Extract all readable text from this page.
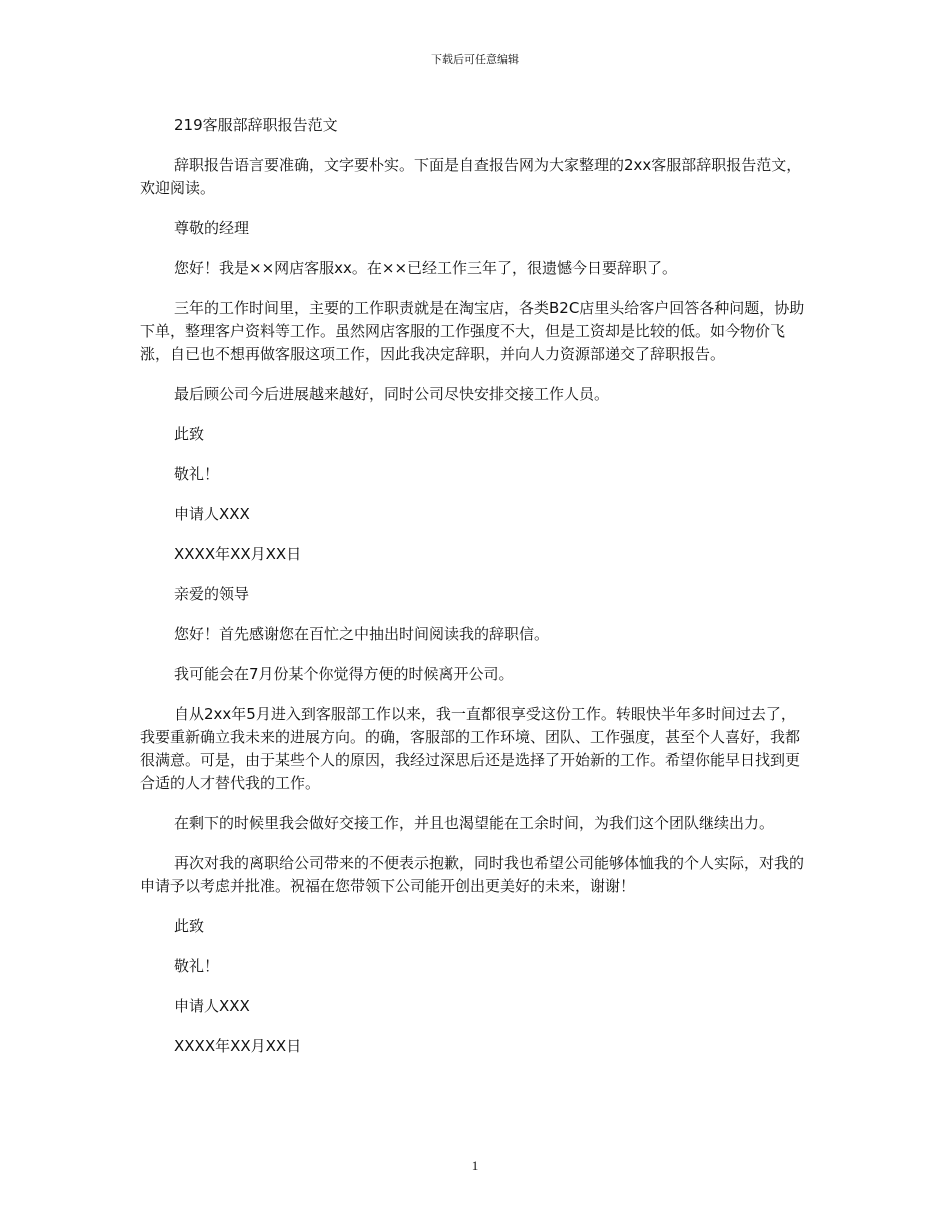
下载后可任意编辑

219客服部辞职报告范文

辞职报告语言要准确，文字要朴实。下面是自查报告网为大家整理的2xx客服部辞职报告范文，欢迎阅读。

尊敬的经理

您好！我是××网店客服xx。在××已经工作三年了，很遗憾今日要辞职了。

三年的工作时间里，主要的工作职责就是在淘宝店，各类B2C店里头给客户回答各种问题，协助下单，整理客户资料等工作。虽然网店客服的工作强度不大，但是工资却是比较的低。如今物价飞涨，自已也不想再做客服这项工作，因此我决定辞职，并向人力资源部递交了辞职报告。

最后顾公司今后进展越来越好，同时公司尽快安排交接工作人员。

此致

敬礼！

申请人XXX

XXXX年XX月XX日

亲爱的领导

您好！首先感谢您在百忙之中抽出时间阅读我的辞职信。

我可能会在7月份某个你觉得方便的时候离开公司。

自从2xx年5月进入到客服部工作以来，我一直都很享受这份工作。转眼快半年多时间过去了，我要重新确立我未来的进展方向。的确，客服部的工作环境、团队、工作强度，甚至个人喜好，我都很满意。可是，由于某些个人的原因，我经过深思后还是选择了开始新的工作。希望你能早日找到更合适的人才替代我的工作。

在剩下的时候里我会做好交接工作，并且也渴望能在工余时间，为我们这个团队继续出力。

再次对我的离职给公司带来的不便表示抱歉，同时我也希望公司能够体恤我的个人实际，对我的申请予以考虑并批准。祝福在您带领下公司能开创出更美好的未来，谢谢！

此致

敬礼！

申请人XXX

XXXX年XX月XX日

1
